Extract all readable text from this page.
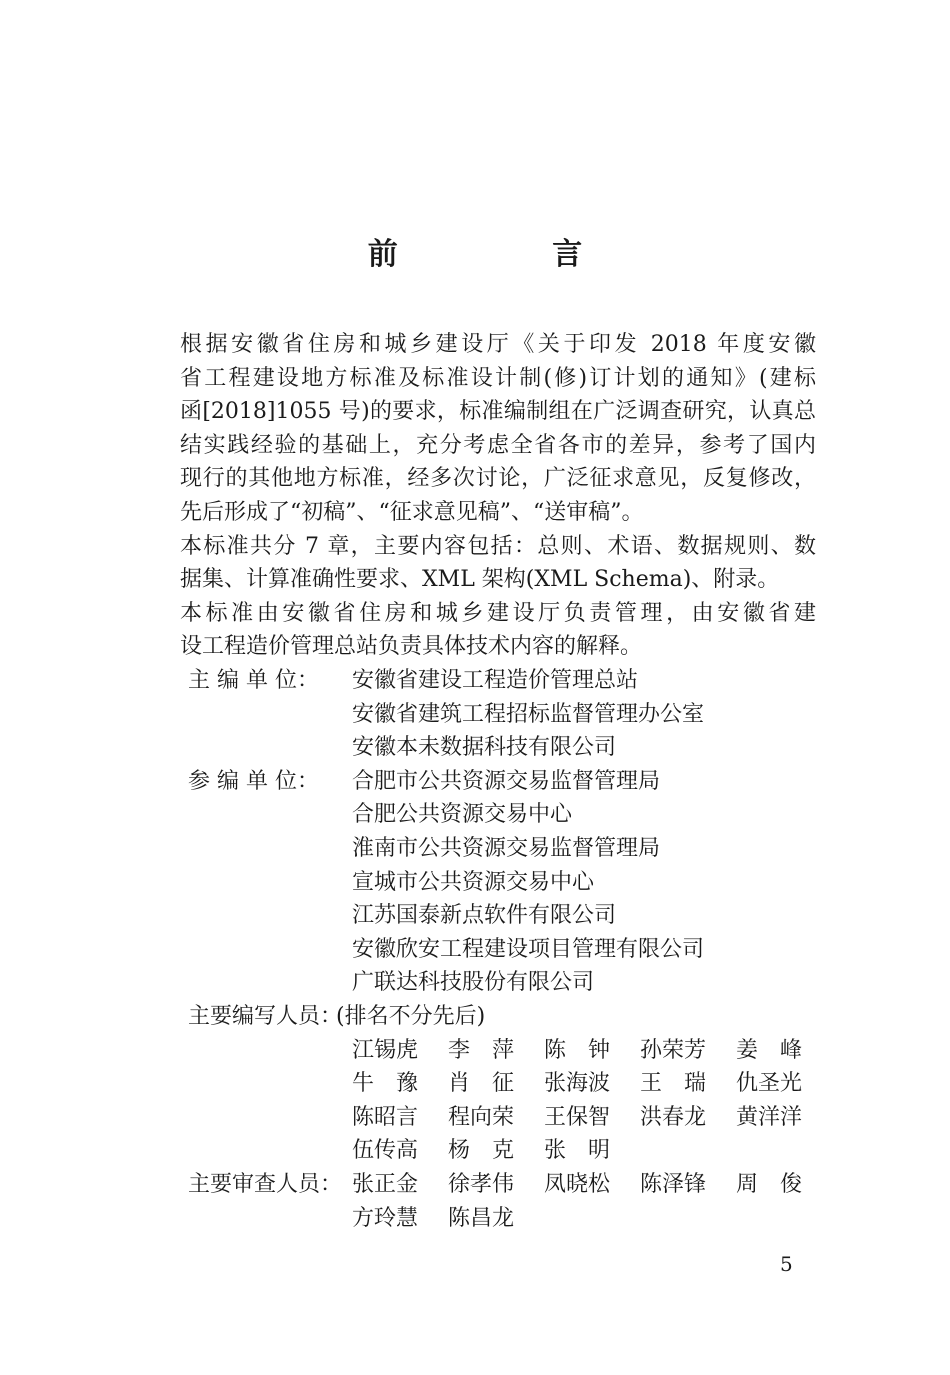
前 言
根据安徽省住房和城乡建设厅《关于印发 2018 年度安徽
省工程建设地方标准及标准设计制(修)订计划的通知》(建标
函[2018]1055 号)的要求，标准编制组在广泛调查研究，认真总
结实践经验的基础上，充分考虑全省各市的差异，参考了国内
现行的其他地方标准，经多次讨论，广泛征求意见，反复修改，
先后形成了“初稿”、“征求意见稿”、“送审稿”。
本标准共分 7 章，主要内容包括：总则、术语、数据规则、数
据集、计算准确性要求、XML 架构(XML Schema)、附录。
本标准由安徽省住房和城乡建设厅负责管理，由安徽省建
设工程造价管理总站负责具体技术内容的解释。
主 编 单 位： 安徽省建设工程造价管理总站
安徽省建筑工程招标监督管理办公室
安徽本未数据科技有限公司
参 编 单 位： 合肥市公共资源交易监督管理局
合肥公共资源交易中心
淮南市公共资源交易监督管理局
宣城市公共资源交易中心
江苏国泰新点软件有限公司
安徽欣安工程建设项目管理有限公司
广联达科技股份有限公司
主要编写人员：
(排名不分先后)
江锡虎 李　萍 陈　钟 孙荣芳 姜　峰
牛　豫 肖　征 张海波 王　瑞 仇圣光
陈昭言 程向荣 王保智 洪春龙 黄洋洋
伍传高 杨　克 张　明
主要审查人员： 张正金 徐孝伟 凤晓松 陈泽锋 周　俊
方玲慧 陈昌龙
5
